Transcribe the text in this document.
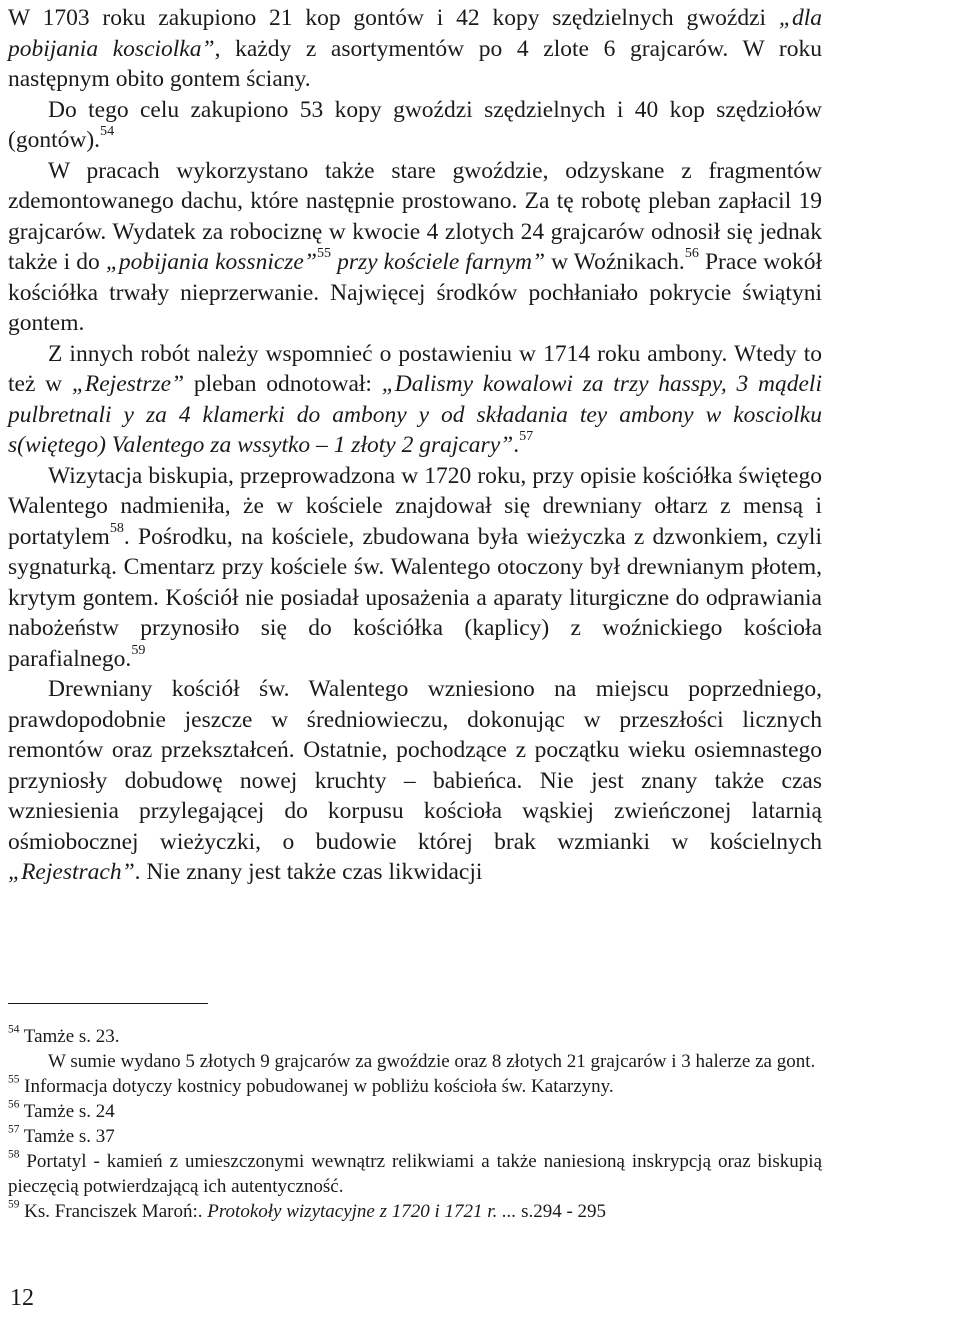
W 1703 roku zakupiono 21 kop gontów i 42 kopy szędzielnych gwoździ „dla pobijania kosciolka”, każdy z asortymentów po 4 zlote 6 grajcarów. W roku następnym obito gontem ściany.

Do tego celu zakupiono 53 kopy gwoździ szędzielnych i 40 kop szędziołów (gontów).$^{54}$

W pracach wykorzystano także stare gwoździe, odzyskane z fragmentów zdemontowanego dachu, które następnie prostowano. Za tę robotę pleban zapłacil 19 grajcarów. Wydatek za robociznę w kwocie 4 zlotych 24 grajcarów odnosił się jednak także i do „pobijania kossnicze”$^{55}$ przy kościele farnym” w Woźnikach.$^{56}$ Prace wokół kościółka trwały nieprzerwanie. Najwięcej środków pochłaniało pokrycie świątyni gontem.

Z innych robót należy wspomnieć o postawieniu w 1714 roku ambony. Wtedy to też w „Rejestrze” pleban odnotował: „Dalismy kowalowi za trzy hasspy, 3 mądeli pulbretnali y za 4 klamerki do ambony y od składania tey ambony w kosciolku s(więtego) Valentego za wssytko – 1 złoty 2 grajcary”.$^{57}$

Wizytacja biskupia, przeprowadzona w 1720 roku, przy opisie kościółka świętego Walentego nadmieniła, że w kościele znajdował się drewniany ołtarz z mensą i portatylem$^{58}$. Pośrodku, na kościele, zbudowana była wieżyczka z dzwonkiem, czyli sygnaturką. Cmentarz przy kościele św. Walentego otoczony był drewnianym płotem, krytym gontem. Kościół nie posiadał uposażenia a aparaty liturgiczne do odprawiania nabożeństw przynosiło się do kościółka (kaplicy) z woźnickiego kościoła parafialnego.$^{59}$

Drewniany kościół św. Walentego wzniesiono na miejscu poprzedniego, prawdopodobnie jeszcze w średniowieczu, dokonując w przeszłości licznych remontów oraz przekształceń. Ostatnie, pochodzące z początku wieku osiemnastego przyniosły dobudowę nowej kruchty – babieńca. Nie jest znany także czas wzniesienia przylegającej do korpusu kościoła wąskiej zwieńczonej latarnią ośmiobocznej wieżyczki, o budowie której brak wzmianki w kościelnych „Rejestrach”. Nie znany jest także czas likwidacji

$^{54}$ Tamże s. 23.

W sumie wydano 5 złotych 9 grajcarów za gwoździe oraz 8 złotych 21 grajcarów i 3 halerze za gont.

$^{55}$ Informacja dotyczy kostnicy pobudowanej w pobliżu kościoła św. Katarzyny.

$^{56}$ Tamże s. 24

$^{57}$ Tamże s. 37

$^{58}$ Portatyl - kamień z umieszczonymi wewnątrz relikwiami a także naniesioną inskrypcją oraz biskupią pieczęcią potwierdzającą ich autentyczność.

$^{59}$ Ks. Franciszek Maroń:. Protokoły wizytacyjne z 1720 i 1721 r. ... s.294 - 295

12
